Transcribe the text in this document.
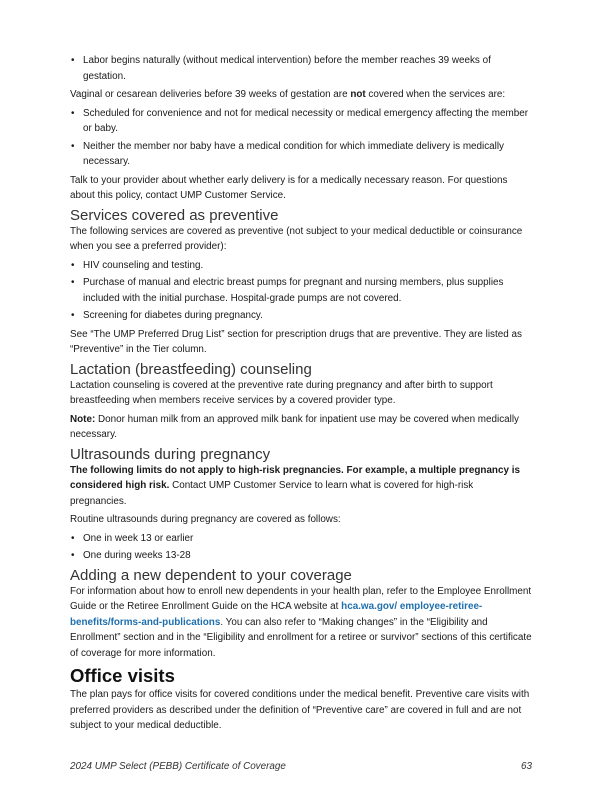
• Labor begins naturally (without medical intervention) before the member reaches 39 weeks of gestation.

Vaginal or cesarean deliveries before 39 weeks of gestation are not covered when the services are:

• Scheduled for convenience and not for medical necessity or medical emergency affecting the member or baby.
• Neither the member nor baby have a medical condition for which immediate delivery is medically necessary.

Talk to your provider about whether early delivery is for a medically necessary reason. For questions about this policy, contact UMP Customer Service.

Services covered as preventive

The following services are covered as preventive (not subject to your medical deductible or coinsurance when you see a preferred provider):

• HIV counseling and testing.
• Purchase of manual and electric breast pumps for pregnant and nursing members, plus supplies included with the initial purchase. Hospital-grade pumps are not covered.
• Screening for diabetes during pregnancy.

See “The UMP Preferred Drug List” section for prescription drugs that are preventive. They are listed as “Preventive” in the Tier column.

Lactation (breastfeeding) counseling

Lactation counseling is covered at the preventive rate during pregnancy and after birth to support breastfeeding when members receive services by a covered provider type.

Note: Donor human milk from an approved milk bank for inpatient use may be covered when medically necessary.

Ultrasounds during pregnancy

The following limits do not apply to high-risk pregnancies. For example, a multiple pregnancy is considered high risk. Contact UMP Customer Service to learn what is covered for high-risk pregnancies.

Routine ultrasounds during pregnancy are covered as follows:

• One in week 13 or earlier
• One during weeks 13-28
Adding a new dependent to your coverage

For information about how to enroll new dependents in your health plan, refer to the Employee Enrollment Guide or the Retiree Enrollment Guide on the HCA website at hca.wa.gov/ employee-retiree-benefits/forms-and-publications. You can also refer to “Making changes” in the “Eligibility and Enrollment” section and in the “Eligibility and enrollment for a retiree or survivor” sections of this certificate of coverage for more information.

Office visits

The plan pays for office visits for covered conditions under the medical benefit. Preventive care visits with preferred providers as described under the definition of “Preventive care” are covered in full and are not subject to your medical deductible.

2024 UMP Select (PEBB) Certificate of Coverage	63
